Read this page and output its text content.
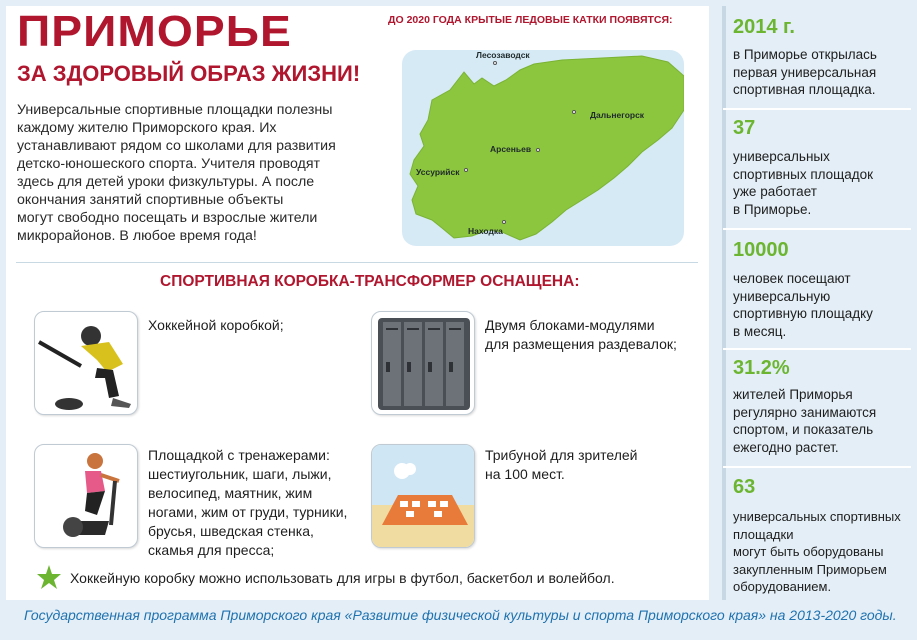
ПРИМОРЬЕ
ЗА ЗДОРОВЫЙ ОБРАЗ ЖИЗНИ!
Универсальные спортивные площадки полезны
каждому жителю Приморского края. Их
устанавливают рядом со школами для развития
детско-юношеского спорта. Учителя проводят
здесь для детей уроки физкультуры. А после
окончания занятий спортивные объекты
могут свободно посещать и взрослые жители
микрорайонов. В любое время года!
ДО 2020 ГОДА КРЫТЫЕ ЛЕДОВЫЕ КАТКИ ПОЯВЯТСЯ:
Лесозаводск
Дальнегорск
Арсеньев
Уссурийск
Находка
СПОРТИВНАЯ КОРОБКА-ТРАНСФОРМЕР ОСНАЩЕНА:
Хоккейной коробкой;	Двумя блоками-модулями
для размещения раздевалок;
Площадкой с тренажерами:
шестиугольник, шаги, лыжи,
велосипед, маятник, жим
ногами, жим от груди, турники,
брусья, шведская стенка,
скамья для пресса;
Трибуной для зрителей
на 100 мест.
Хоккейную коробку можно использовать для игры в футбол, баскетбол и волейбол.
2014 г.
в Приморье открылась
первая универсальная
спортивная площадка.
37
универсальных
спортивных площадок
уже работает
в Приморье.
10000
человек посещают
универсальную
спортивную площадку
в месяц.
31.2%
жителей Приморья
регулярно занимаются
спортом, и показатель
ежегодно растет.
63
универсальных спортивных площадки
могут быть оборудованы
закупленным Приморьем
оборудованием.
Государственная программа Приморского края «Развитие физической культуры и спорта Приморского края» на 2013-2020 годы.
